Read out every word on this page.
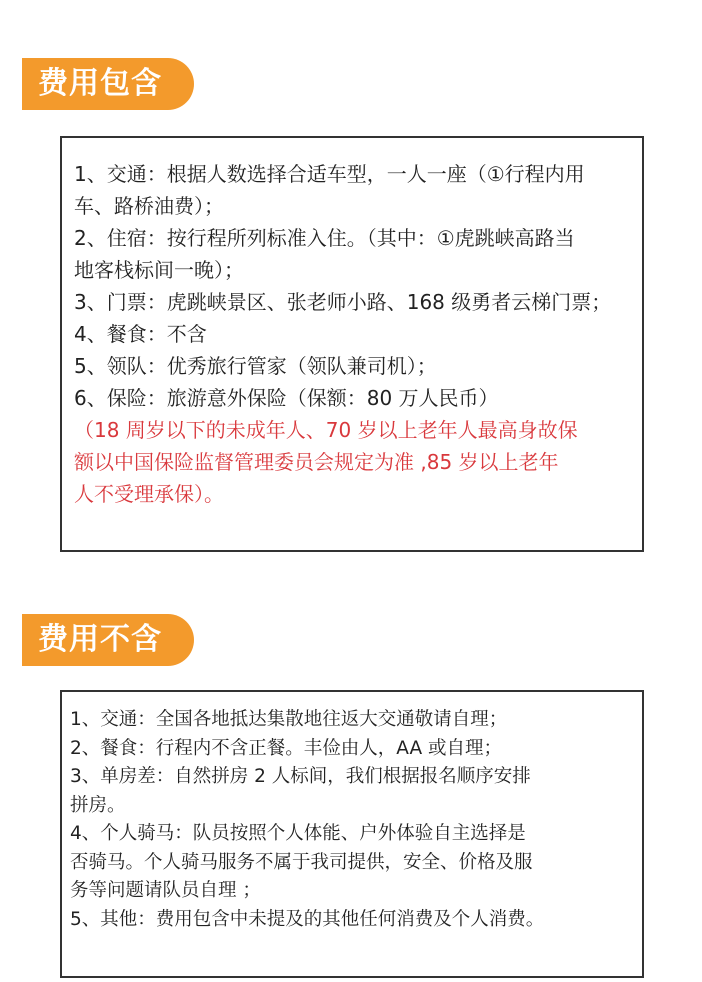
费用包含
1、交通：根据人数选择合适车型，一人一座（①行程内用
车、路桥油费）；
2、住宿：按行程所列标准入住。（其中：①虎跳峡高路当
地客栈标间一晚）；
3、门票：虎跳峡景区、张老师小路、168 级勇者云梯门票；
4、餐食：不含
5、领队：优秀旅行管家（领队兼司机）；
6、保险：旅游意外保险（保额：80 万人民币）
（18 周岁以下的未成年人、70 岁以上老年人最高身故保
额以中国保险监督管理委员会规定为准 ,85 岁以上老年
人不受理承保）。
费用不含
1、交通：全国各地抵达集散地往返大交通敬请自理；
2、餐食：行程内不含正餐。丰俭由人，AA 或自理；
3、单房差：自然拼房 2 人标间，我们根据报名顺序安排
拼房。
4、个人骑马：队员按照个人体能、户外体验自主选择是
否骑马。个人骑马服务不属于我司提供，安全、价格及服
务等问题请队员自理 ；
5、其他：费用包含中未提及的其他任何消费及个人消费。
